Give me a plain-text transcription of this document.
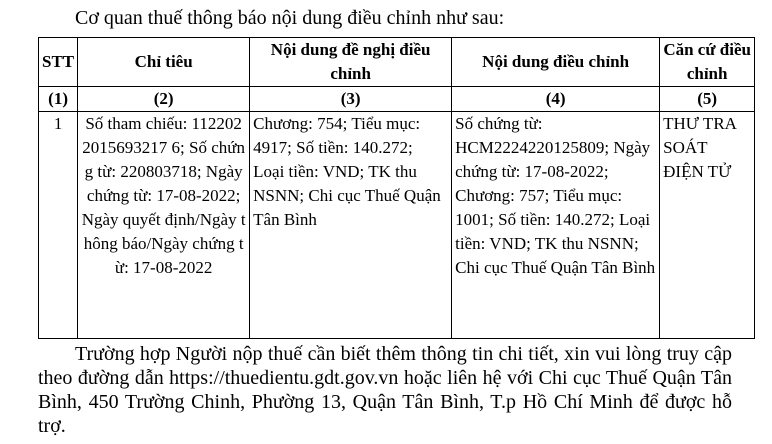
Cơ quan thuế thông báo nội dung điều chỉnh như sau:
STT	Chỉ tiêu	Nội dung đề nghị điều chỉnh	Nội dung điều chỉnh	Căn cứ điều chỉnh
(1)	(2)	(3)	(4)	(5)
1	Số tham chiếu: 1122022015693217 6; Số chứng từ: 220803718; Ngày chứng từ: 17-08-2022; Ngày quyết định/Ngày thông báo/Ngày chứng từ: 17-08-2022	Chương: 754; Tiểu mục: 4917; Số tiền: 140.272; Loại tiền: VND; TK thu NSNN; Chi cục Thuế Quận Tân Bình	Số chứng từ: HCM2224220125809; Ngày chứng từ: 17-08-2022; Chương: 757; Tiểu mục: 1001; Số tiền: 140.272; Loại tiền: VND; TK thu NSNN; Chi cục Thuế Quận Tân Bình	THƯ TRA SOÁT ĐIỆN TỬ
Trường hợp Người nộp thuế cần biết thêm thông tin chi tiết, xin vui lòng truy cập theo đường dẫn https://thuedientu.gdt.gov.vn hoặc liên hệ với Chi cục Thuế Quận Tân Bình, 450 Trường Chinh, Phường 13, Quận Tân Bình, T.p Hồ Chí Minh để được hỗ trợ.
